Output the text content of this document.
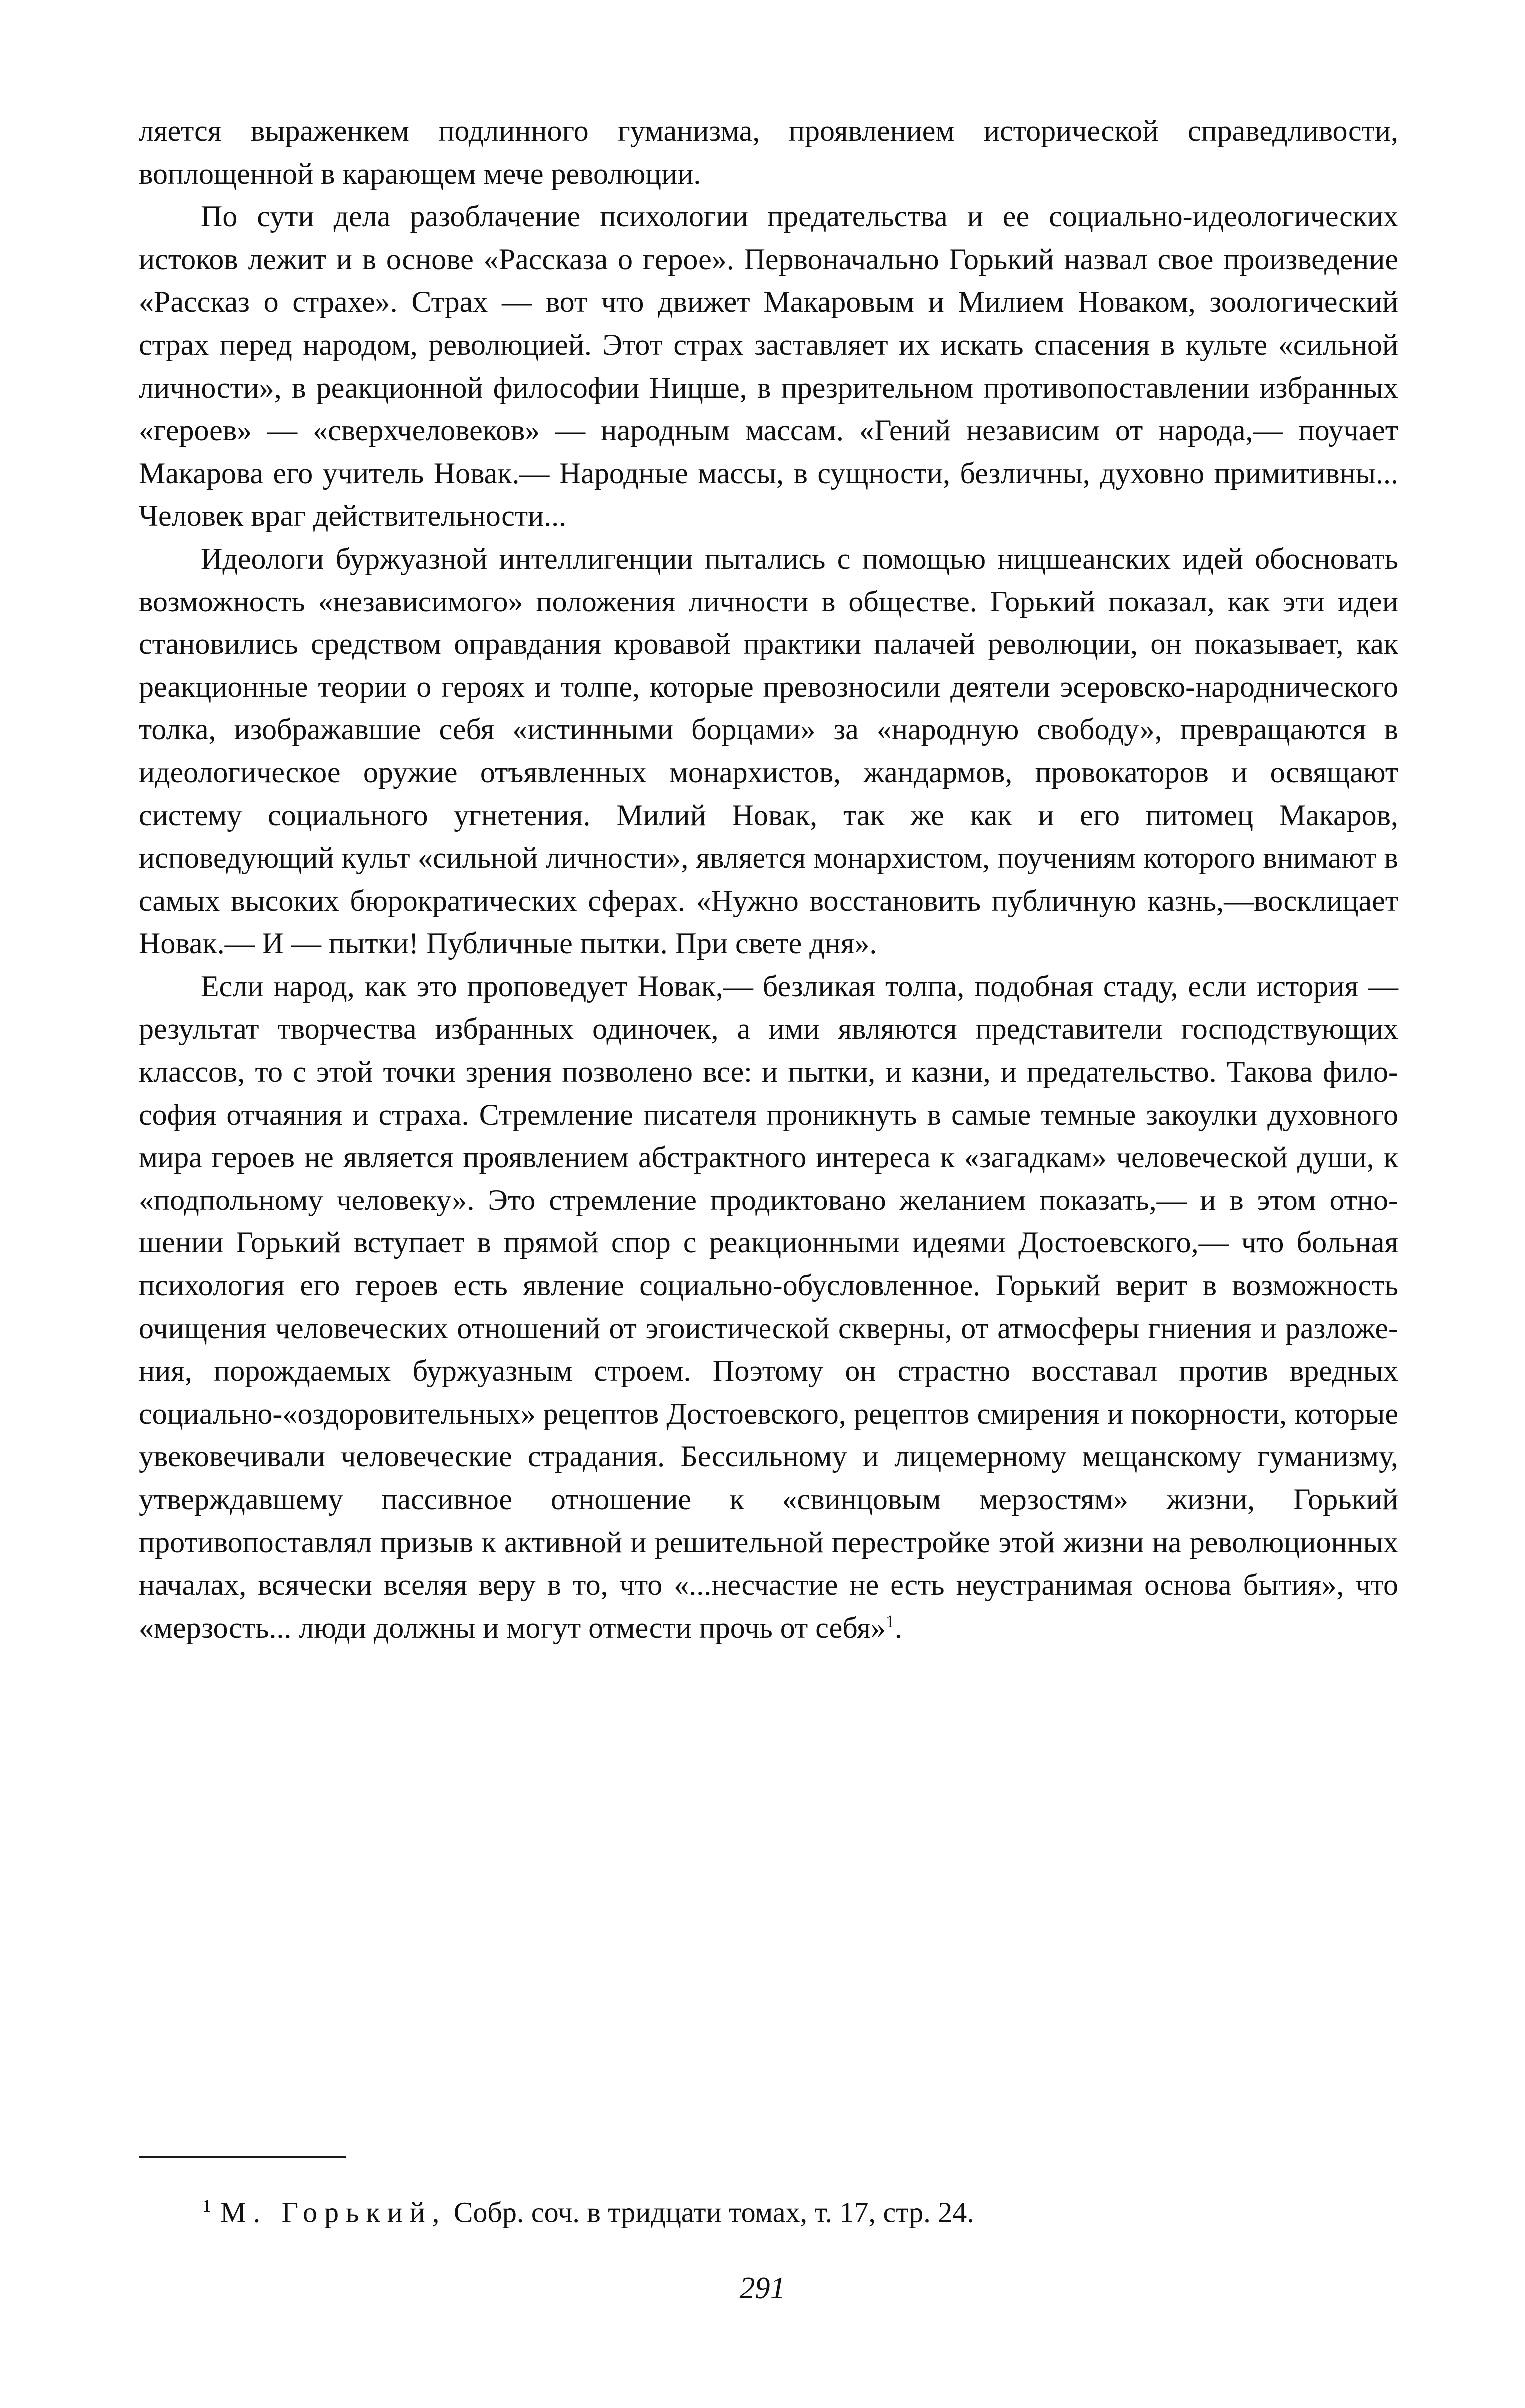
ляется выраженкем подлинного гуманизма, проявлением исторической справедливости, воплощенной в карающем мече революции.

По сути дела разоблачение психологии предательства и ее социально-идеологических истоков лежит и в основе «Рассказа о герое». Первоначально Горький назвал свое произведение «Рассказ о страхе». Страх — вот что движет Макаровым и Милием Новаком, зоологический страх перед народом, революцией. Этот страх заставляет их искать спасения в культе «сильной личности», в реакционной философии Ницше, в презрительном противопоставлении избранных «героев» — «сверхчеловеков» — народным массам. «Гений независим от народа,— поучает Макарова его учитель Новак.— Народные массы, в сущности, безличны, духовно примитивны... Человек враг действительности...

Идеологи буржуазной интеллигенции пытались с помощью ницшеанских идей обосновать возможность «независимого» положения личности в обществе. Горький показал, как эти идеи становились средством оправдания кровавой практики палачей революции, он показывает, как реакционные теории о героях и толпе, которые превозносили деятели эсеровско-народнического толка, изображавшие себя «истинными борцами» за «народную свободу», превращаются в идеологическое оружие отъявленных монархистов, жандармов, провокаторов и освящают систему социального угнетения. Милий Новак, так же как и его питомец Макаров, исповедующий культ «сильной личности», является монархистом, поучениям которого внимают в самых высоких бюрократических сферах. «Нужно восстановить публичную казнь,—восклицает Новак.— И — пытки! Публичные пытки. При свете дня».

Если народ, как это проповедует Новак,— безликая толпа, подобная стаду, если история — результат творчества избранных одиночек, а ими являются представители господствующих классов, то с этой точки зрения позволено все: и пытки, и казни, и предательство. Такова философия отчаяния и страха. Стремление писателя проникнуть в самые темные закоулки духовного мира героев не является проявлением абстрактного интереса к «загадкам» человеческой души, к «подпольному человеку». Это стремление продиктовано желанием показать,— и в этом отношении Горький вступает в прямой спор с реакционными идеями Достоевского,— что больная психология его героев есть явление социально-обусловленное. Горький верит в возможность очищения человеческих отношений от эгоистической скверны, от атмосферы гниения и разложения, порождаемых буржуазным строем. Поэтому он страстно восставал против вредных социально-«оздоровительных» рецептов Достоевского, рецептов смирения и покорности, которые увековечивали человеческие страдания. Бессильному и лицемерному мещанскому гуманизму, утверждавшему пассивное отношение к «свинцовым мерзостям» жизни, Горький противопоставлял призыв к активной и решительной перестройке этой жизни на революционных началах, всячески вселяя веру в то, что «...несчастие не есть неустранимая основа бытия», что «мерзость... люди должны и могут отмести прочь от себя»$^1$.

$^1$ М. Горький, Собр. соч. в тридцати томах, т. 17, стр. 24.
291
